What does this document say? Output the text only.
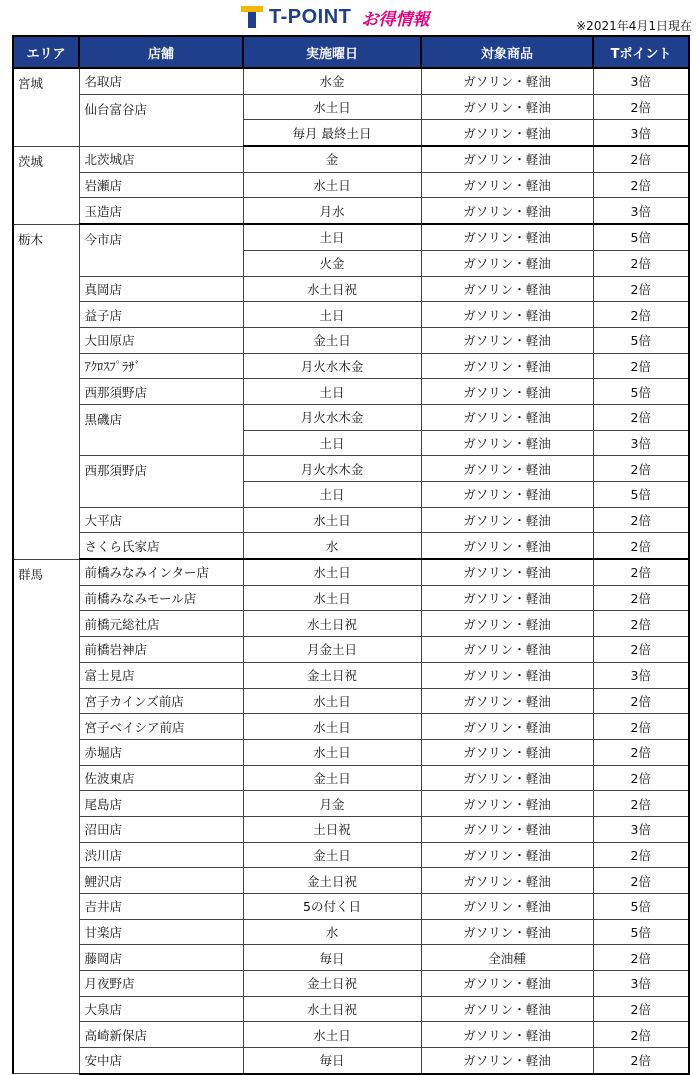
T-POINT お得情報	※2021年4月1日現在
エリア	店舗	実施曜日	対象商品	Tポイント
宮城	名取店	水金	ガソリン・軽油	3倍
	仙台富谷店	水土日	ガソリン・軽油	2倍
		毎月 最終土日	ガソリン・軽油	3倍
茨城	北茨城店	金	ガソリン・軽油	2倍
	岩瀬店	水土日	ガソリン・軽油	2倍
	玉造店	月水	ガソリン・軽油	3倍
栃木	今市店	土日	ガソリン・軽油	5倍
		火金	ガソリン・軽油	2倍
	真岡店	水土日祝	ガソリン・軽油	2倍
	益子店	土日	ガソリン・軽油	2倍
	大田原店	金土日	ガソリン・軽油	5倍
	ｱｸﾛｽﾌﾟﾗｻﾞ	月火水木金	ガソリン・軽油	2倍
	西那須野店	土日	ガソリン・軽油	5倍
	黒磯店	月火水木金	ガソリン・軽油	2倍
		土日	ガソリン・軽油	3倍
	西那須野店	月火水木金	ガソリン・軽油	2倍
		土日	ガソリン・軽油	5倍
	大平店	水土日	ガソリン・軽油	2倍
	さくら氏家店	水	ガソリン・軽油	2倍
群馬	前橋みなみインター店	水土日	ガソリン・軽油	2倍
	前橋みなみモール店	水土日	ガソリン・軽油	2倍
	前橋元総社店	水土日祝	ガソリン・軽油	2倍
	前橋岩神店	月金土日	ガソリン・軽油	2倍
	富士見店	金土日祝	ガソリン・軽油	3倍
	宮子カインズ前店	水土日	ガソリン・軽油	2倍
	宮子ベイシア前店	水土日	ガソリン・軽油	2倍
	赤堀店	水土日	ガソリン・軽油	2倍
	佐波東店	金土日	ガソリン・軽油	2倍
	尾島店	月金	ガソリン・軽油	2倍
	沼田店	土日祝	ガソリン・軽油	3倍
	渋川店	金土日	ガソリン・軽油	2倍
	鯉沢店	金土日祝	ガソリン・軽油	2倍
	吉井店	5の付く日	ガソリン・軽油	5倍
	甘楽店	水	ガソリン・軽油	5倍
	藤岡店	毎日	全油種	2倍
	月夜野店	金土日祝	ガソリン・軽油	3倍
	大泉店	水土日祝	ガソリン・軽油	2倍
	高崎新保店	水土日	ガソリン・軽油	2倍
	安中店	毎日	ガソリン・軽油	2倍
